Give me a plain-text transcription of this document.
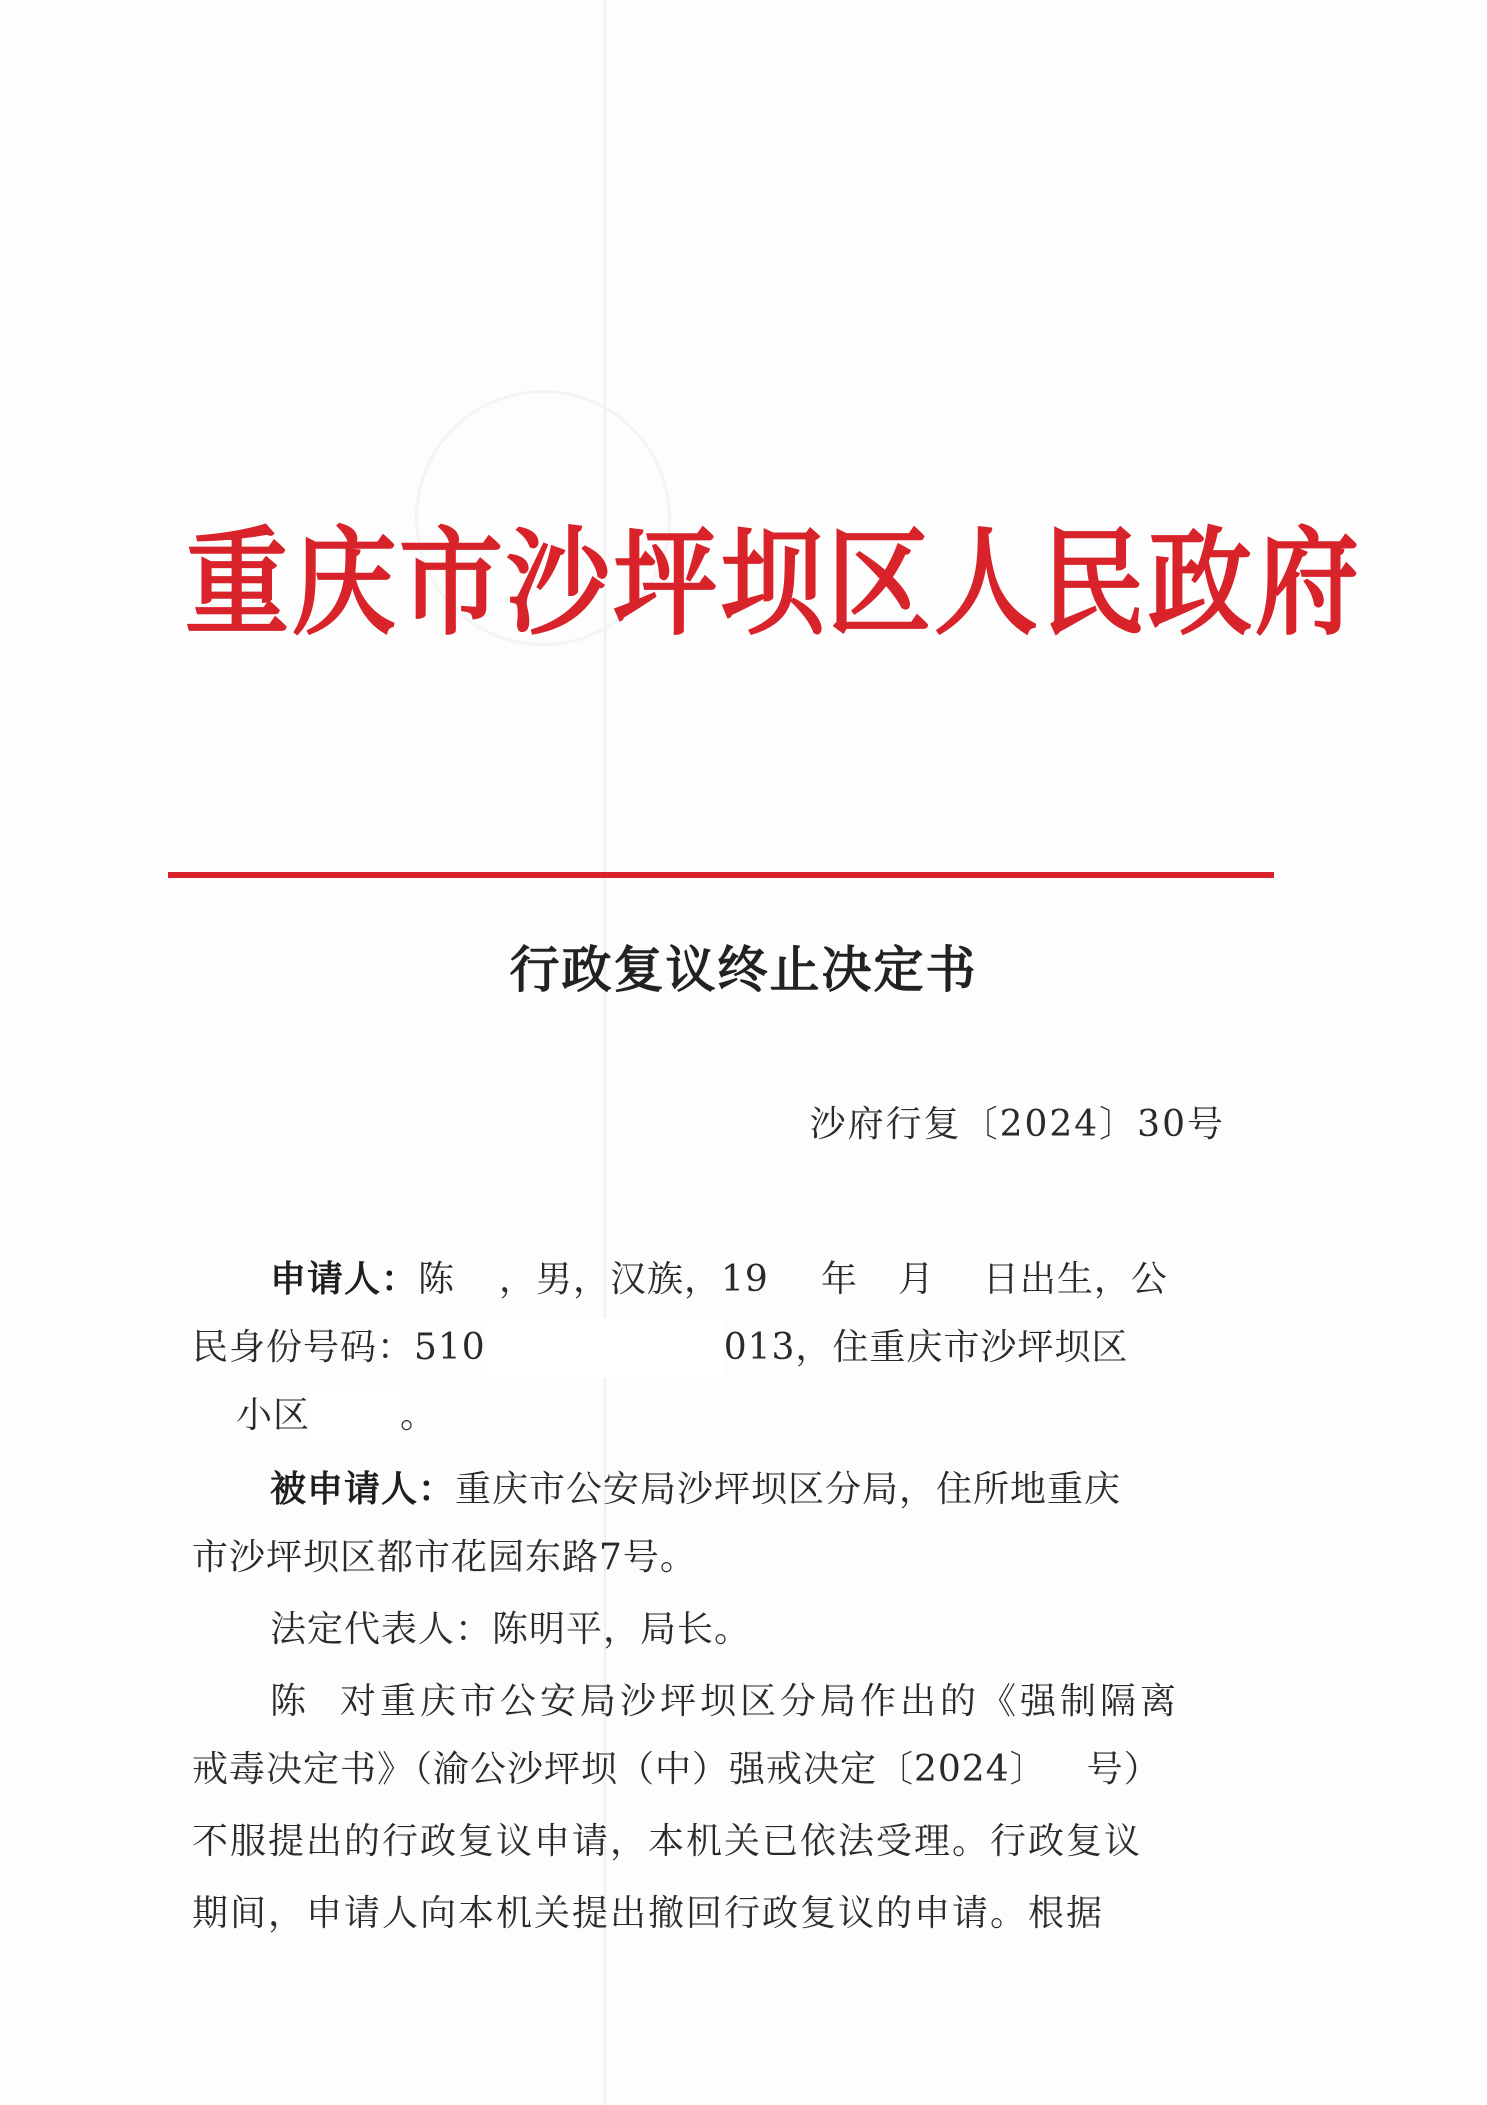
重庆市沙坪坝区人民政府
行政复议终止决定书
沙府行复〔2024〕30号
申请人：陈 ，男，汉族，19 年 月 日出生，公
民身份号码：510	013，住重庆市沙坪坝区
小区	。
被申请人：重庆市公安局沙坪坝区分局，住所地重庆
市沙坪坝区都市花园东路7号。
法定代表人：陈明平，局长。
陈 对重庆市公安局沙坪坝区分局作出的《强制隔离
戒毒决定书》（渝公沙坪坝（中）强戒决定〔2024〕 号）
不服提出的行政复议申请，本机关已依法受理。行政复议
期间，申请人向本机关提出撤回行政复议的申请。根据
